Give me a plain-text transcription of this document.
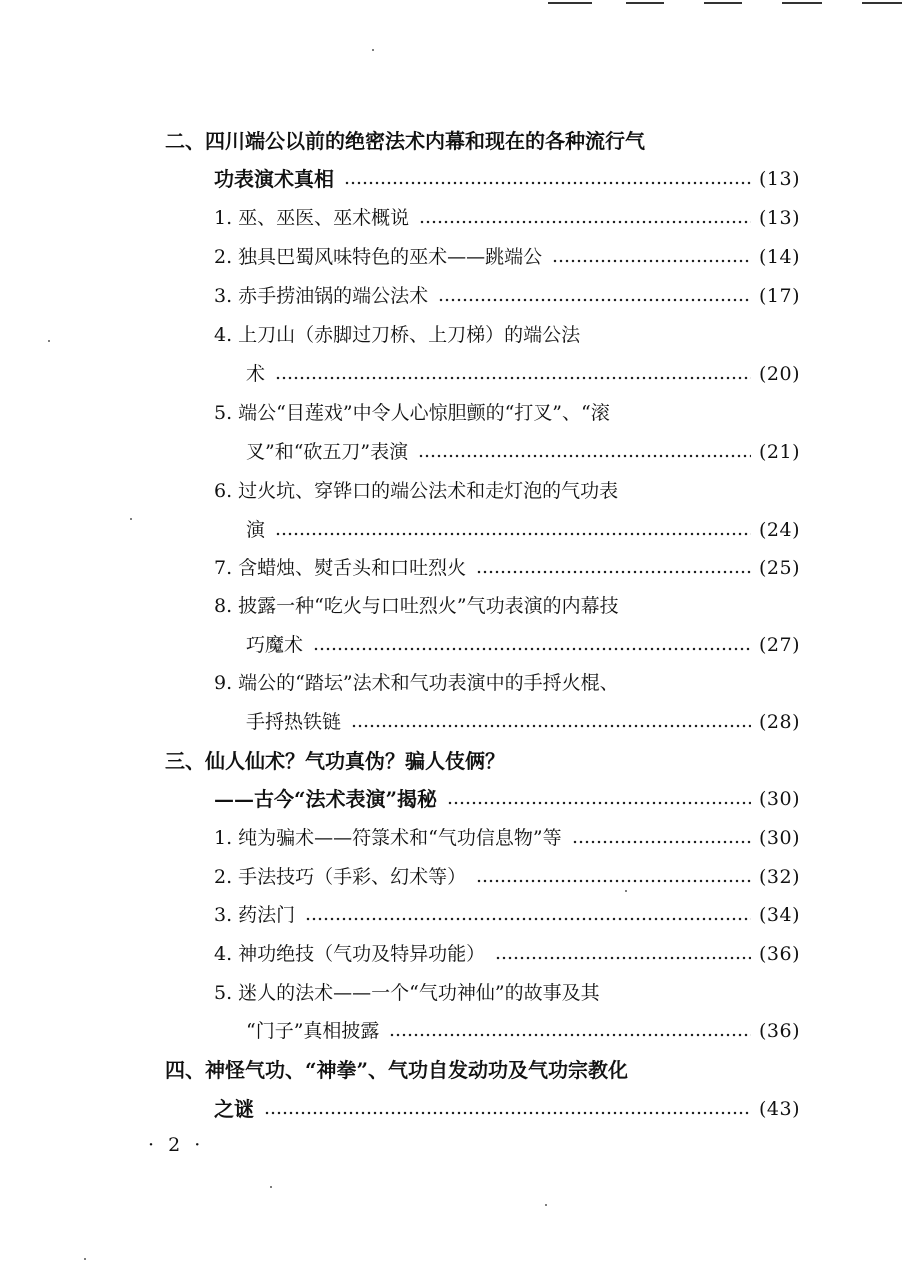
二、四川端公以前的绝密法术内幕和现在的各种流行气
功表演术真相	(13)
1. 巫、巫医、巫术概说	(13)
2. 独具巴蜀风味特色的巫术——跳端公	(14)
3. 赤手捞油锅的端公法术	(17)
4. 上刀山（赤脚过刀桥、上刀梯）的端公法
术	(20)
5. 端公“目莲戏”中令人心惊胆颤的“打叉”、“滚
叉”和“砍五刀”表演	(21)
6. 过火坑、穿铧口的端公法术和走灯泡的气功表
演	(24)
7. 含蜡烛、熨舌头和口吐烈火	(25)
8. 披露一种“吃火与口吐烈火”气功表演的内幕技
巧魔术	(27)
9. 端公的“踏坛”法术和气功表演中的手捋火棍、
手捋热铁链	(28)
三、仙人仙术？气功真伪？骗人伎俩？
——古今“法术表演”揭秘	(30)
1. 纯为骗术——符箓术和“气功信息物”等	(30)
2. 手法技巧（手彩、幻术等）	(32)
3. 药法门	(34)
4. 神功绝技（气功及特异功能）	(36)
5. 迷人的法术——一个“气功神仙”的故事及其
“门子”真相披露	(36)
四、神怪气功、“神拳”、气功自发动功及气功宗教化
之谜	(43)
· 2 ·
